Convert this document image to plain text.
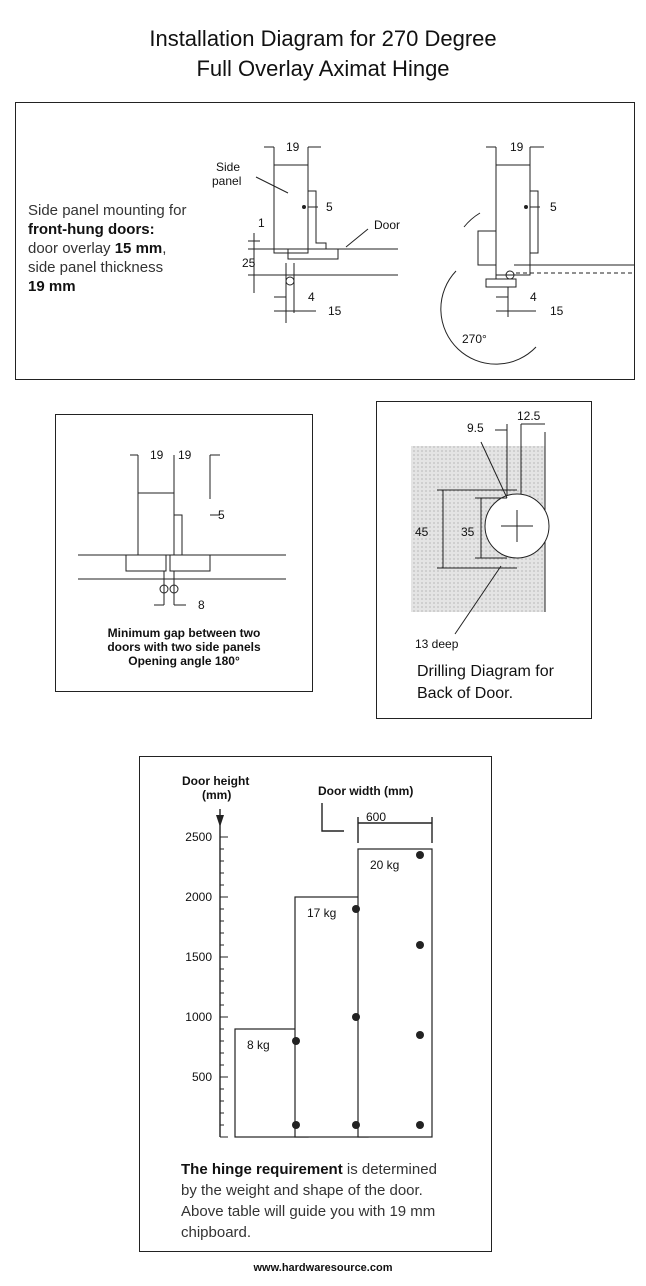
Installation Diagram for 270 Degree
Full Overlay Aximat Hinge
Side panel mounting for
front-hung doors:
door overlay 15 mm,
side panel thickness
19 mm
19
Side
panel
5
Door
1
25
4
15
19
5
4
15
270°
19 19
5
8
Minimum gap between two
doors with two side panels
Opening angle 180°
9.5
12.5
45	35
13 deep
Drilling Diagram for
Back of Door.
Door height
(mm)	Door width (mm)
600
2500
2000
1500
1000
500
8 kg
17 kg
20 kg
The hinge requirement is determined
by the weight and shape of the door.
Above table will guide you with 19 mm
chipboard.
www.hardwaresource.com
